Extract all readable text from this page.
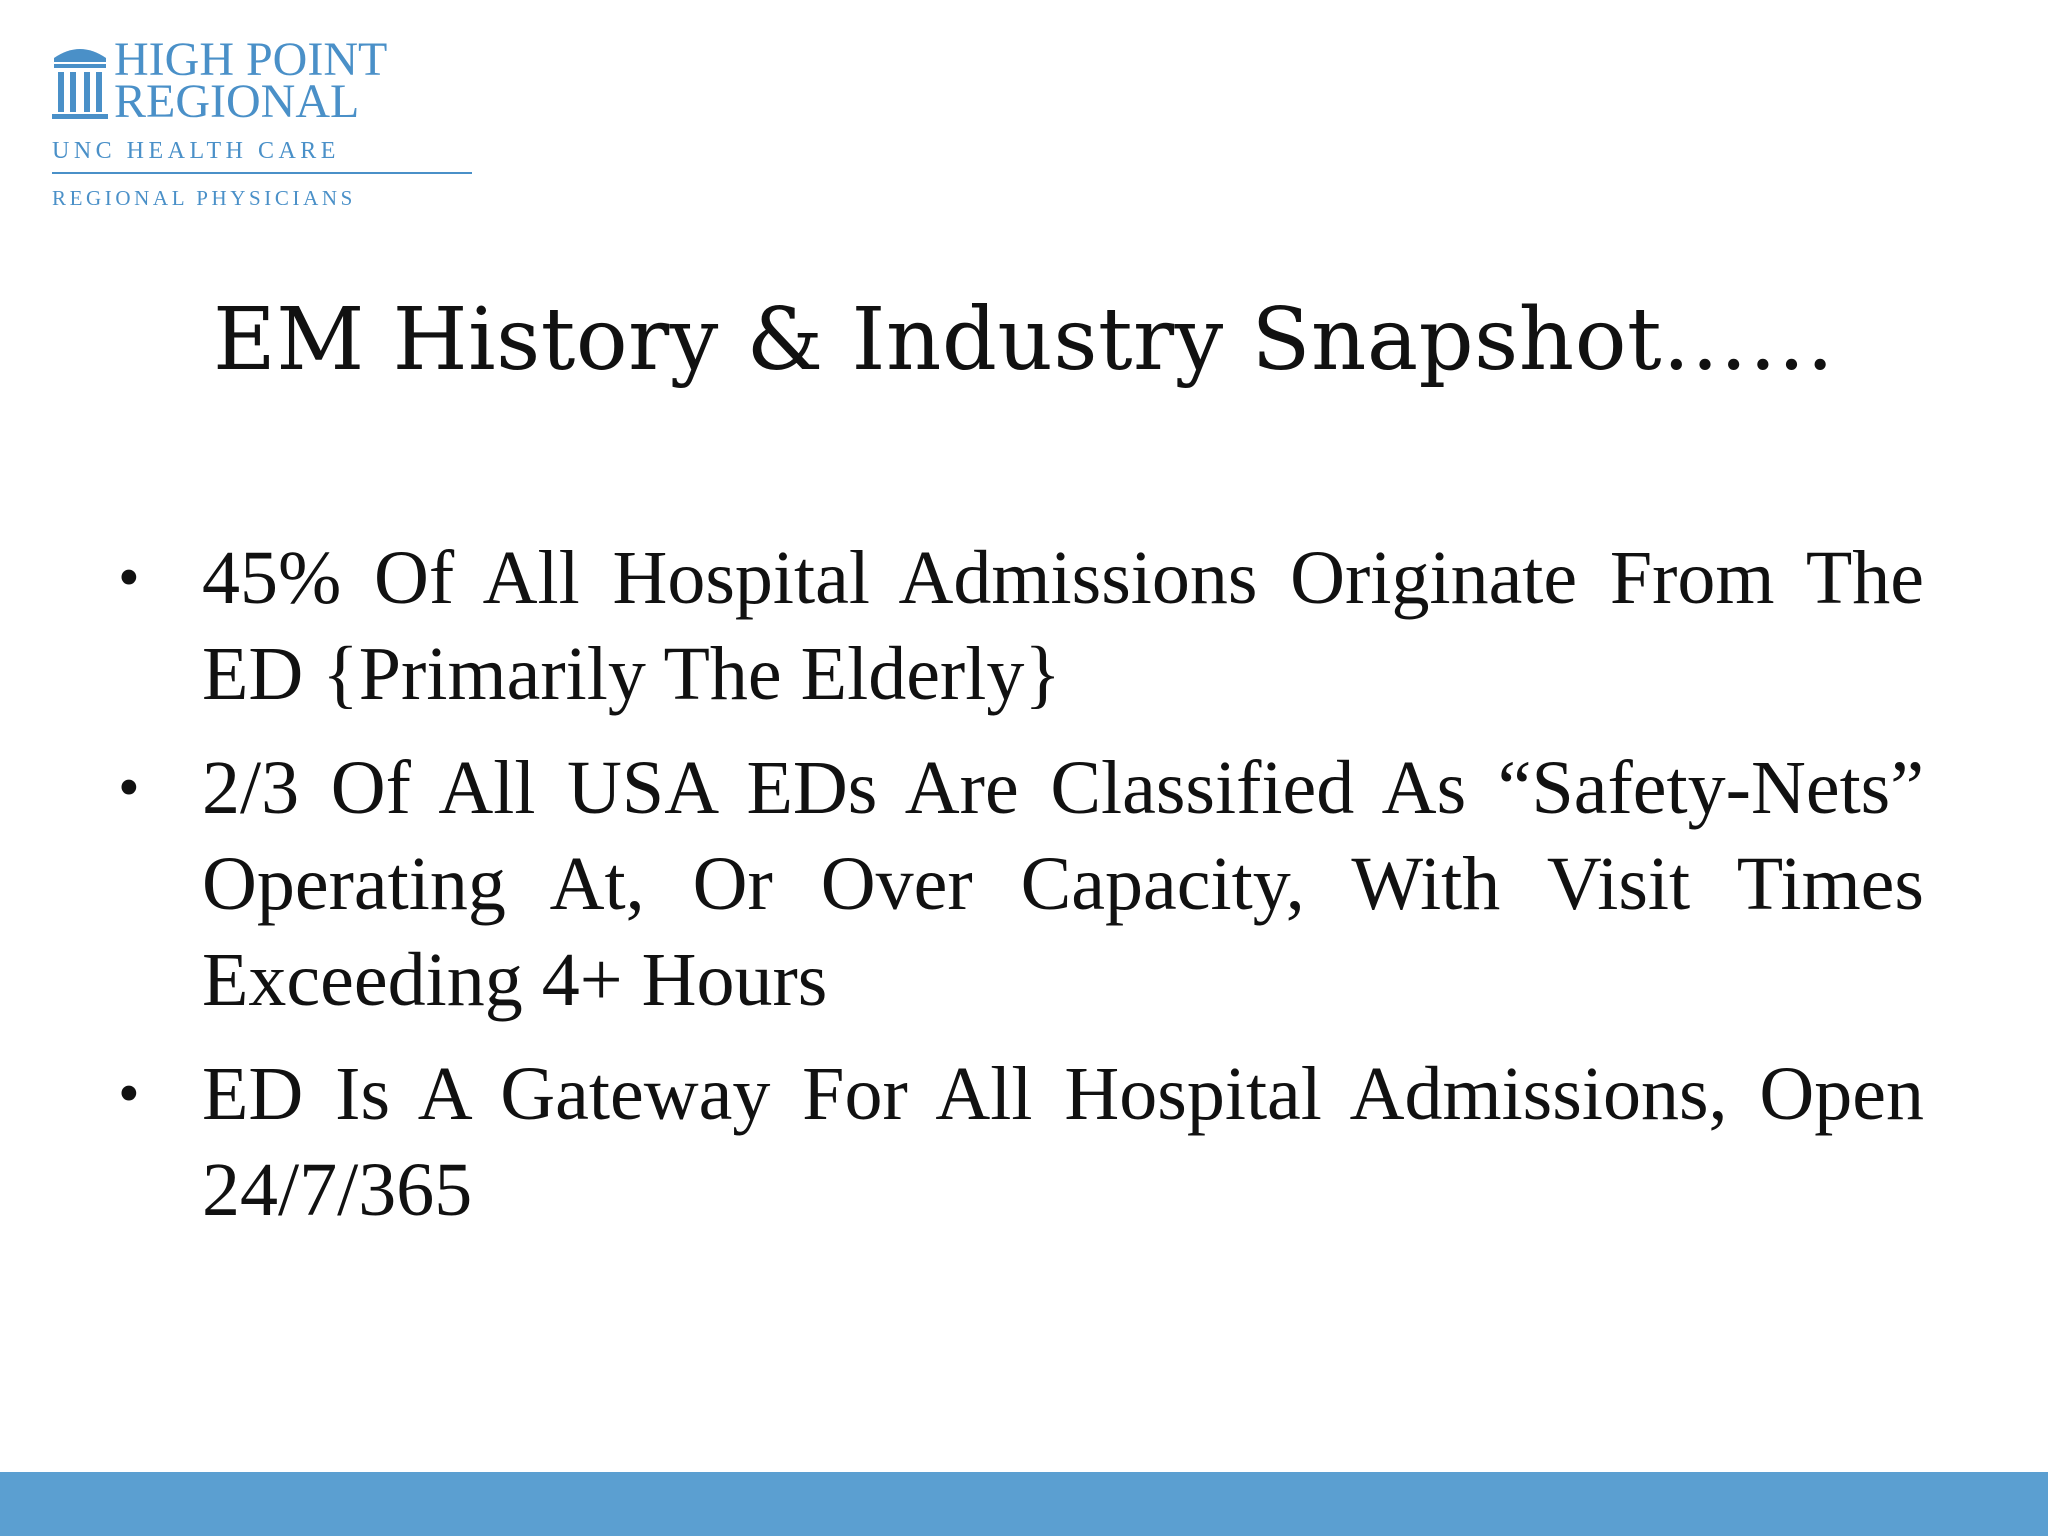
HIGH POINT
REGIONAL
UNC HEALTH CARE
REGIONAL PHYSICIANS
EM History & Industry Snapshot……
• 45% Of All Hospital Admissions Originate From The ED {Primarily The Elderly}
• 2/3 Of All USA EDs Are Classified As “Safety-Nets” Operating At, Or Over Capacity, With Visit Times Exceeding 4+ Hours
• ED Is A Gateway For All Hospital Admissions, Open 24/7/365
